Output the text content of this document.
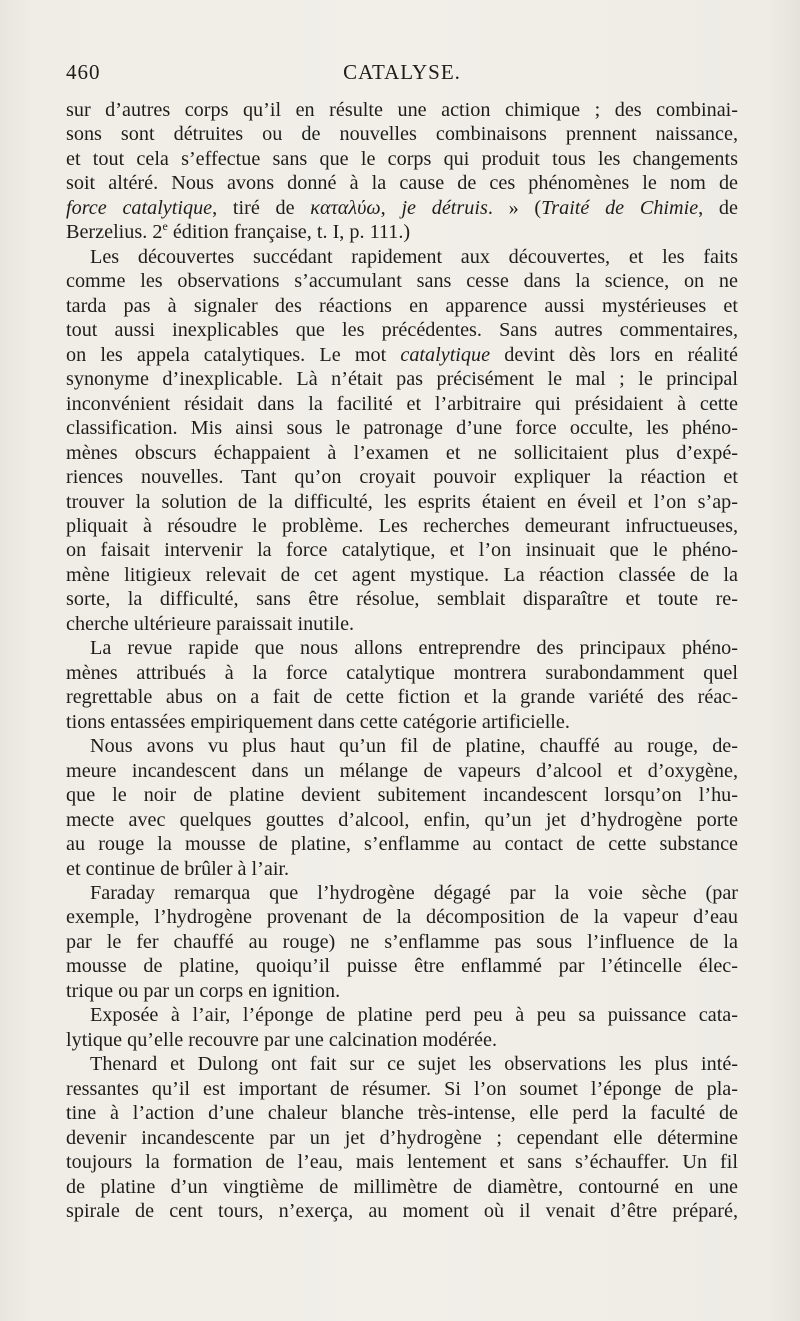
460	CATALYSE.
sur d’autres corps qu’il en résulte une action chimique ; des combinai-
sons sont détruites ou de nouvelles combinaisons prennent naissance,
et tout cela s’effectue sans que le corps qui produit tous les changements
soit altéré. Nous avons donné à la cause de ces phénomènes le nom de
force catalytique, tiré de καταλύω, je détruis. » (Traité de Chimie, de
Berzelius. 2e édition française, t. I, p. 111.)
Les découvertes succédant rapidement aux découvertes, et les faits
comme les observations s’accumulant sans cesse dans la science, on ne
tarda pas à signaler des réactions en apparence aussi mystérieuses et
tout aussi inexplicables que les précédentes. Sans autres commentaires,
on les appela catalytiques. Le mot catalytique devint dès lors en réalité
synonyme d’inexplicable. Là n’était pas précisément le mal ; le principal
inconvénient résidait dans la facilité et l’arbitraire qui présidaient à cette
classification. Mis ainsi sous le patronage d’une force occulte, les phéno-
mènes obscurs échappaient à l’examen et ne sollicitaient plus d’expé-
riences nouvelles. Tant qu’on croyait pouvoir expliquer la réaction et
trouver la solution de la difficulté, les esprits étaient en éveil et l’on s’ap-
pliquait à résoudre le problème. Les recherches demeurant infructueuses,
on faisait intervenir la force catalytique, et l’on insinuait que le phéno-
mène litigieux relevait de cet agent mystique. La réaction classée de la
sorte, la difficulté, sans être résolue, semblait disparaître et toute re-
cherche ultérieure paraissait inutile.
La revue rapide que nous allons entreprendre des principaux phéno-
mènes attribués à la force catalytique montrera surabondamment quel
regrettable abus on a fait de cette fiction et la grande variété des réac-
tions entassées empiriquement dans cette catégorie artificielle.
Nous avons vu plus haut qu’un fil de platine, chauffé au rouge, de-
meure incandescent dans un mélange de vapeurs d’alcool et d’oxygène,
que le noir de platine devient subitement incandescent lorsqu’on l’hu-
mecte avec quelques gouttes d’alcool, enfin, qu’un jet d’hydrogène porte
au rouge la mousse de platine, s’enflamme au contact de cette substance
et continue de brûler à l’air.
Faraday remarqua que l’hydrogène dégagé par la voie sèche (par
exemple, l’hydrogène provenant de la décomposition de la vapeur d’eau
par le fer chauffé au rouge) ne s’enflamme pas sous l’influence de la
mousse de platine, quoiqu’il puisse être enflammé par l’étincelle élec-
trique ou par un corps en ignition.
Exposée à l’air, l’éponge de platine perd peu à peu sa puissance cata-
lytique qu’elle recouvre par une calcination modérée.
Thenard et Dulong ont fait sur ce sujet les observations les plus inté-
ressantes qu’il est important de résumer. Si l’on soumet l’éponge de pla-
tine à l’action d’une chaleur blanche très-intense, elle perd la faculté de
devenir incandescente par un jet d’hydrogène ; cependant elle détermine
toujours la formation de l’eau, mais lentement et sans s’échauffer. Un fil
de platine d’un vingtième de millimètre de diamètre, contourné en une
spirale de cent tours, n’exerça, au moment où il venait d’être préparé,
